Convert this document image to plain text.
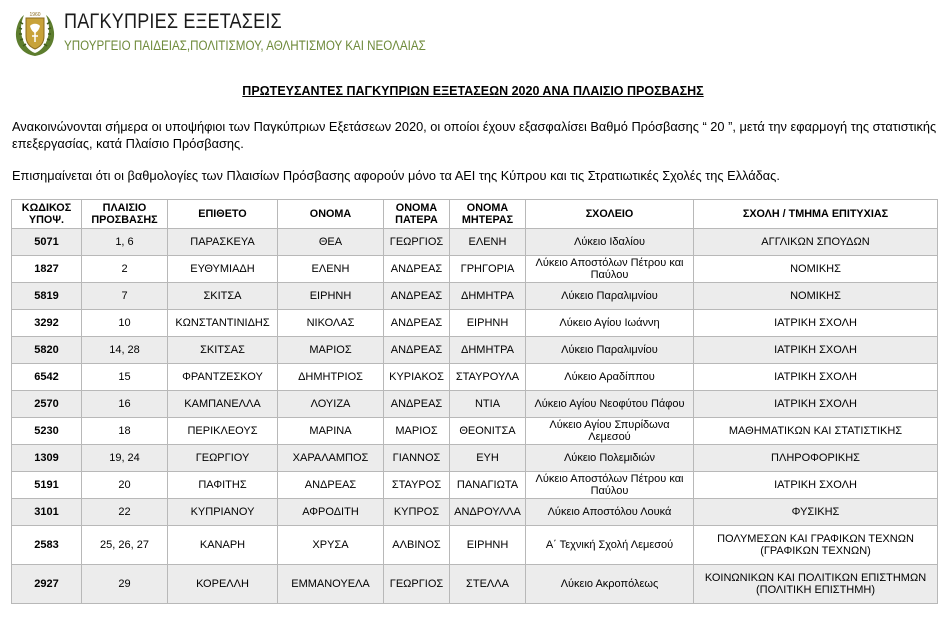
1960 ΠΑΓΚΥΠΡΙΕΣ ΕΞΕΤΑΣΕΙΣ
ΥΠΟΥΡΓΕΙΟ ΠΑΙΔΕΙΑΣ,ΠΟΛΙΤΙΣΜΟΥ, ΑΘΛΗΤΙΣΜΟΥ ΚΑΙ ΝΕΟΛΑΙΑΣ
ΠΡΩΤΕΥΣΑΝΤΕΣ ΠΑΓΚΥΠΡΙΩΝ ΕΞΕΤΑΣΕΩΝ 2020 ΑΝΑ ΠΛΑΙΣΙΟ ΠΡΟΣΒΑΣΗΣ
Ανακοινώνονται σήμερα οι υποψήφιοι των Παγκύπριων Εξετάσεων 2020, οι οποίοι έχουν εξασφαλίσει Βαθμό Πρόσβασης “ 20 ”, μετά την εφαρμογή της στατιστικής επεξεργασίας, κατά Πλαίσιο Πρόσβασης.
Επισημαίνεται ότι οι βαθμολογίες των Πλαισίων Πρόσβασης αφορούν μόνο τα ΑΕΙ της Κύπρου και τις Στρατιωτικές Σχολές της Ελλάδας.
ΚΩΔΙΚΟΣ ΥΠΟΨ.	ΠΛΑΙΣΙΟ ΠΡΟΣΒΑΣΗΣ	ΕΠΙΘΕΤΟ	ΟΝΟΜΑ	ΟΝΟΜΑ ΠΑΤΕΡΑ	ΟΝΟΜΑ ΜΗΤΕΡΑΣ	ΣΧΟΛΕΙΟ	ΣΧΟΛΗ / ΤΜΗΜΑ ΕΠΙΤΥΧΙΑΣ
5071	1, 6	ΠΑΡΑΣΚΕΥΑ	ΘΕΑ	ΓΕΩΡΓΙΟΣ	ΕΛΕΝΗ	Λύκειο Ιδαλίου	ΑΓΓΛΙΚΩΝ ΣΠΟΥΔΩΝ
1827	2	ΕΥΘΥΜΙΑΔΗ	ΕΛΕΝΗ	ΑΝΔΡΕΑΣ	ΓΡΗΓΟΡΙΑ	Λύκειο Αποστόλων Πέτρου και Παύλου	ΝΟΜΙΚΗΣ
5819	7	ΣΚΙΤΣΑ	ΕΙΡΗΝΗ	ΑΝΔΡΕΑΣ	ΔΗΜΗΤΡΑ	Λύκειο Παραλιμνίου	ΝΟΜΙΚΗΣ
3292	10	ΚΩΝΣΤΑΝΤΙΝΙΔΗΣ	ΝΙΚΟΛΑΣ	ΑΝΔΡΕΑΣ	ΕΙΡΗΝΗ	Λύκειο Αγίου Ιωάννη	ΙΑΤΡΙΚΗ ΣΧΟΛΗ
5820	14, 28	ΣΚΙΤΣΑΣ	ΜΑΡΙΟΣ	ΑΝΔΡΕΑΣ	ΔΗΜΗΤΡΑ	Λύκειο Παραλιμνίου	ΙΑΤΡΙΚΗ ΣΧΟΛΗ
6542	15	ΦΡΑΝΤΖΕΣΚΟΥ	ΔΗΜΗΤΡΙΟΣ	ΚΥΡΙΑΚΟΣ	ΣΤΑΥΡΟΥΛΑ	Λύκειο Αραδίππου	ΙΑΤΡΙΚΗ ΣΧΟΛΗ
2570	16	ΚΑΜΠΑΝΕΛΛΑ	ΛΟΥΙΖΑ	ΑΝΔΡΕΑΣ	ΝΤΙΑ	Λύκειο Αγίου Νεοφύτου Πάφου	ΙΑΤΡΙΚΗ ΣΧΟΛΗ
5230	18	ΠΕΡΙΚΛΕΟΥΣ	ΜΑΡΙΝΑ	ΜΑΡΙΟΣ	ΘΕΟΝΙΤΣΑ	Λύκειο Αγίου Σπυρίδωνα Λεμεσού	ΜΑΘΗΜΑΤΙΚΩΝ ΚΑΙ ΣΤΑΤΙΣΤΙΚΗΣ
1309	19, 24	ΓΕΩΡΓΙΟΥ	ΧΑΡΑΛΑΜΠΟΣ	ΓΙΑΝΝΟΣ	ΕΥΗ	Λύκειο Πολεμιδιών	ΠΛΗΡΟΦΟΡΙΚΗΣ
5191	20	ΠΑΦΙΤΗΣ	ΑΝΔΡΕΑΣ	ΣΤΑΥΡΟΣ	ΠΑΝΑΓΙΩΤΑ	Λύκειο Αποστόλων Πέτρου και Παύλου	ΙΑΤΡΙΚΗ ΣΧΟΛΗ
3101	22	ΚΥΠΡΙΑΝΟΥ	ΑΦΡΟΔΙΤΗ	ΚΥΠΡΟΣ	ΑΝΔΡΟΥΛΛΑ	Λύκειο Αποστόλου Λουκά	ΦΥΣΙΚΗΣ
2583	25, 26, 27	ΚΑΝΑΡΗ	ΧΡΥΣΑ	ΑΛΒΙΝΟΣ	ΕΙΡΗΝΗ	Α΄ Τεχνική Σχολή Λεμεσού	ΠΟΛΥΜΕΣΩΝ ΚΑΙ ΓΡΑΦΙΚΩΝ ΤΕΧΝΩΝ (ΓΡΑΦΙΚΩΝ ΤΕΧΝΩΝ)
2927	29	ΚΟΡΕΛΛΗ	ΕΜΜΑΝΟΥΕΛΑ	ΓΕΩΡΓΙΟΣ	ΣΤΕΛΛΑ	Λύκειο Ακροπόλεως	ΚΟΙΝΩΝΙΚΩΝ ΚΑΙ ΠΟΛΙΤΙΚΩΝ ΕΠΙΣΤΗΜΩΝ (ΠΟΛΙΤΙΚΗ ΕΠΙΣΤΗΜΗ)
